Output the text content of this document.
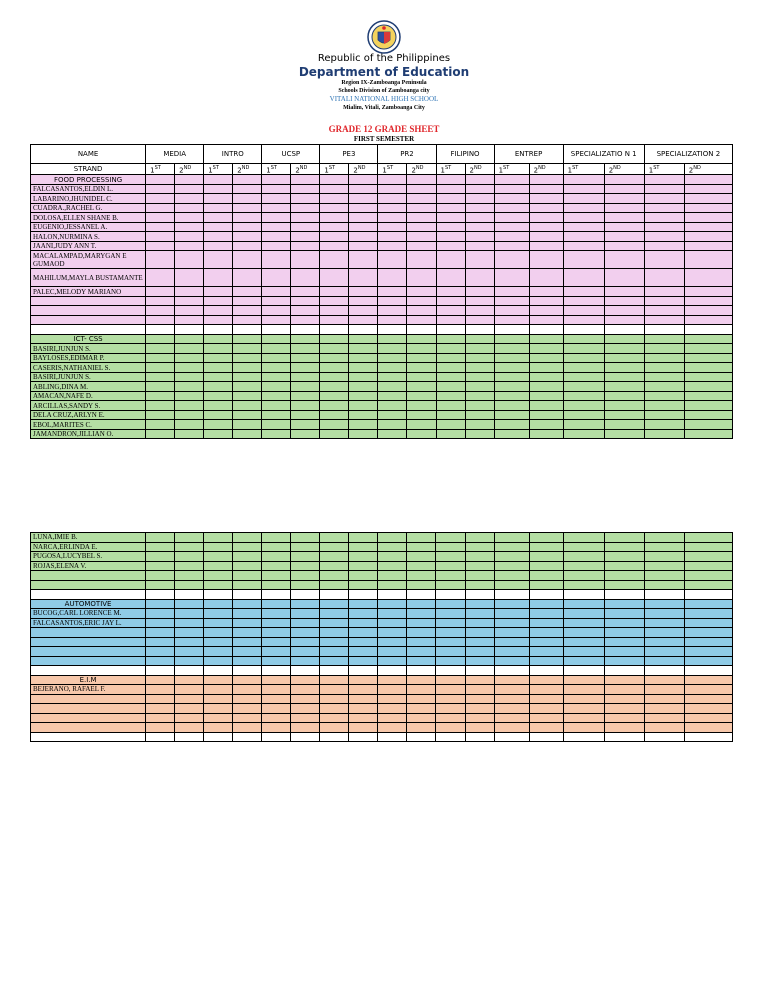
Republic of the Philippines
Department of Education
Region IX-Zamboanga Peninsula
Schools Division of Zamboanga city
VITALI NATIONAL HIGH SCHOOL
Mialim, Vitali, Zamboanga City
GRADE 12 GRADE SHEET
FIRST SEMESTER
NAME	MEDIA		INTRO		UCSP		PE3		PR2		FILIPINO		ENTREP		SPECIALIZATIO N 1		SPECIALIZATION 2	
STRAND	1ST	2ND	1ST	2ND	1ST	2ND	1ST	2ND	1ST	2ND	1ST	2ND	1ST	2ND	1ST	2ND	1ST	2ND
FOOD PROCESSING																		
FALCASANTOS,ELDIN L.																		
LABARINO,JHUNIDEL C.																		
CUADRA.,RACHEL G.																		
DOLOSA,ELLEN SHANE B.																		
EUGENIO,JESSANEL A.																		
HALON,NURMINA S.																		
JAANI,JUDY ANN T.																		
MACALAMPAD,MARYGAN E GUMAOD																		
MAHILUM,MAYLA BUSTAMANTE																		
PALEC,MELODY MARIANO																		

ICT- CSS																		
BASIRI,JUNJUN S.																		
BAYLOSES,EDIMAR P.																		
CASERIS,NATHANIEL S.																		
BASIRI,JUNJUN S.																		
ABLING,DINA M.																		
AMACAN,NAFE D.																		
ARCILLAS,SANDY S.																		
DELA CRUZ,ARLYN E.																		
EBOL,MARITES C.																		
JAMANDRON,JILLIAN O.																		
LUNA,IMIE B.																		
NARCA,ERLINDA E.																		
PUGOSA,LUCYBEL S.																		
ROJAS,ELENA V.																		

AUTOMOTIVE																		
BUCOG,CARL LORENCE M.																		
FALCASANTOS,ERIC JAY L.																		

E.I.M																		
BEJERANO, RAFAEL F.																		
